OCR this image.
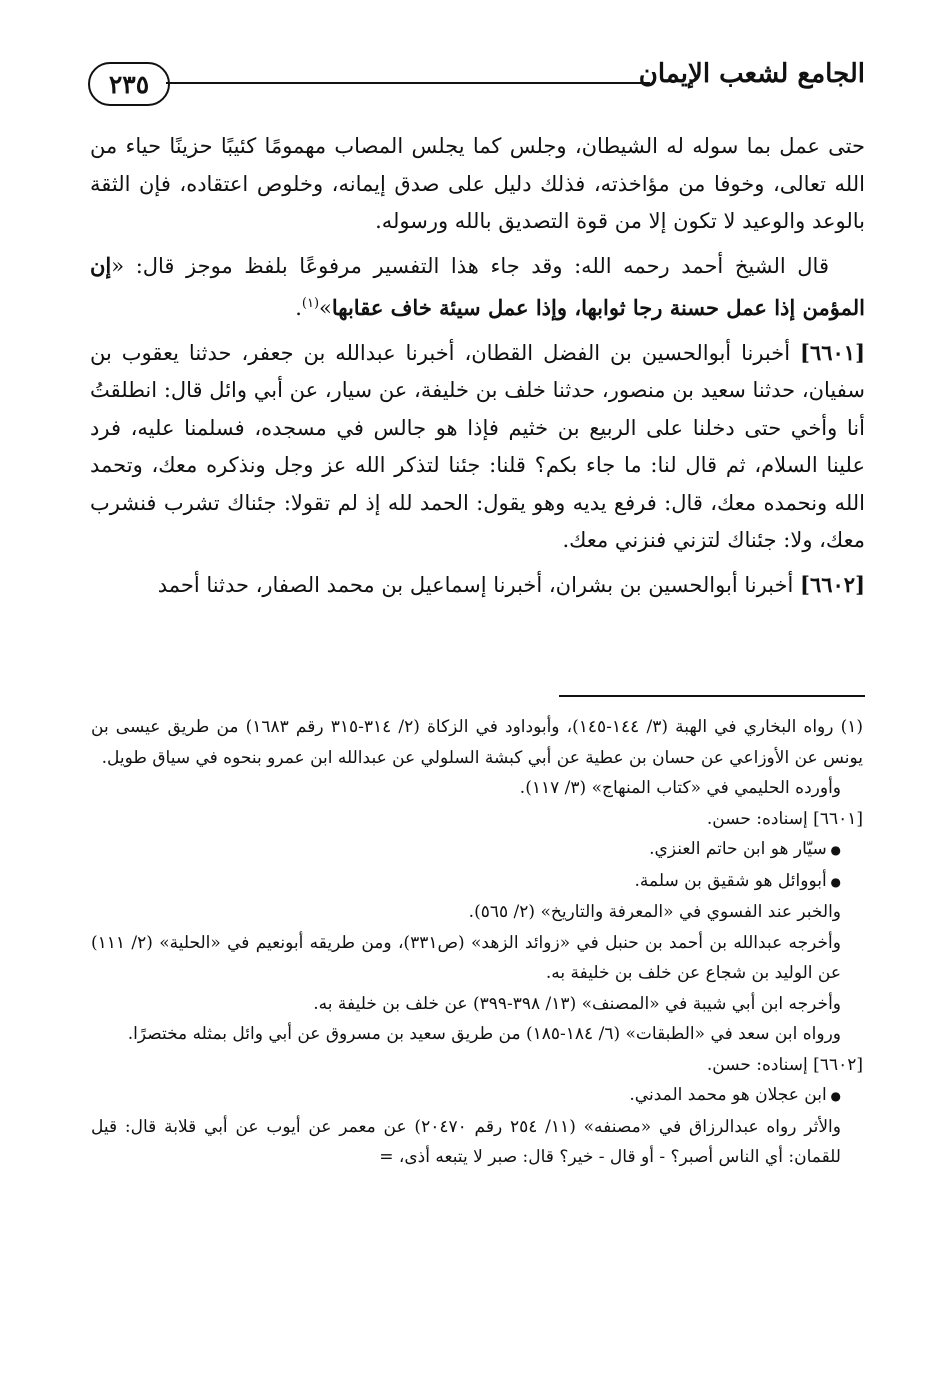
٢٣٥	الجامع لشعب الإيمان

حتى عمل بما سوله له الشيطان، وجلس كما يجلس المصاب مهمومًا كئيبًا حزينًا حياء من الله تعالى، وخوفا من مؤاخذته، فذلك دليل على صدق إيمانه، وخلوص اعتقاده، فإن الثقة بالوعد والوعيد لا تكون إلا من قوة التصديق بالله ورسوله.

قال الشيخ أحمد رحمه الله: وقد جاء هذا التفسير مرفوعًا بلفظ موجز قال: «إن المؤمن إذا عمل حسنة رجا ثوابها، وإذا عمل سيئة خاف عقابها»$^{(١)}$.

[٦٦٠١] أخبرنا أبوالحسين بن الفضل القطان، أخبرنا عبدالله بن جعفر، حدثنا يعقوب بن سفيان، حدثنا سعيد بن منصور، حدثنا خلف بن خليفة، عن سيار، عن أبي وائل قال: انطلقتُ أنا وأخي حتى دخلنا على الربيع بن خثيم فإذا هو جالس في مسجده، فسلمنا عليه، فرد علينا السلام، ثم قال لنا: ما جاء بكم؟ قلنا: جئنا لتذكر الله عز وجل ونذكره معك، وتحمد الله ونحمده معك، قال: فرفع يديه وهو يقول: الحمد لله إذ لم تقولا: جئناك تشرب فنشرب معك، ولا: جئناك لتزني فنزني معك.

[٦٦٠٢] أخبرنا أبوالحسين بن بشران، أخبرنا إسماعيل بن محمد الصفار، حدثنا أحمد

(١) رواه البخاري في الهبة (٣/ ١٤٤-١٤٥)، وأبوداود في الزكاة (٢/ ٣١٤-٣١٥ رقم ١٦٨٣) من طريق عيسى بن يونس عن الأوزاعي عن حسان بن عطية عن أبي كبشة السلولي عن عبدالله ابن عمرو بنحوه في سياق طويل.

وأورده الحليمي في «كتاب المنهاج» (٣/ ١١٧).

[٦٦٠١] إسناده: حسن.

● سيّار هو ابن حاتم العنزي.

● أبووائل هو شقيق بن سلمة.

والخبر عند الفسوي في «المعرفة والتاريخ» (٢/ ٥٦٥).

وأخرجه عبدالله بن أحمد بن حنبل في «زوائد الزهد» (ص٣٣١)، ومن طريقه أبونعيم في «الحلية» (٢/ ١١١) عن الوليد بن شجاع عن خلف بن خليفة به.

وأخرجه ابن أبي شيبة في «المصنف» (١٣/ ٣٩٨-٣٩٩) عن خلف بن خليفة به.

ورواه ابن سعد في «الطبقات» (٦/ ١٨٤-١٨٥) من طريق سعيد بن مسروق عن أبي وائل بمثله مختصرًا.

[٦٦٠٢] إسناده: حسن.

● ابن عجلان هو محمد المدني.

والأثر رواه عبدالرزاق في «مصنفه» (١١/ ٢٥٤ رقم ٢٠٤٧٠) عن معمر عن أيوب عن أبي قلابة قال: قيل للقمان: أي الناس أصبر؟ - أو قال - خير؟ قال: صبر لا يتبعه أذى، =
